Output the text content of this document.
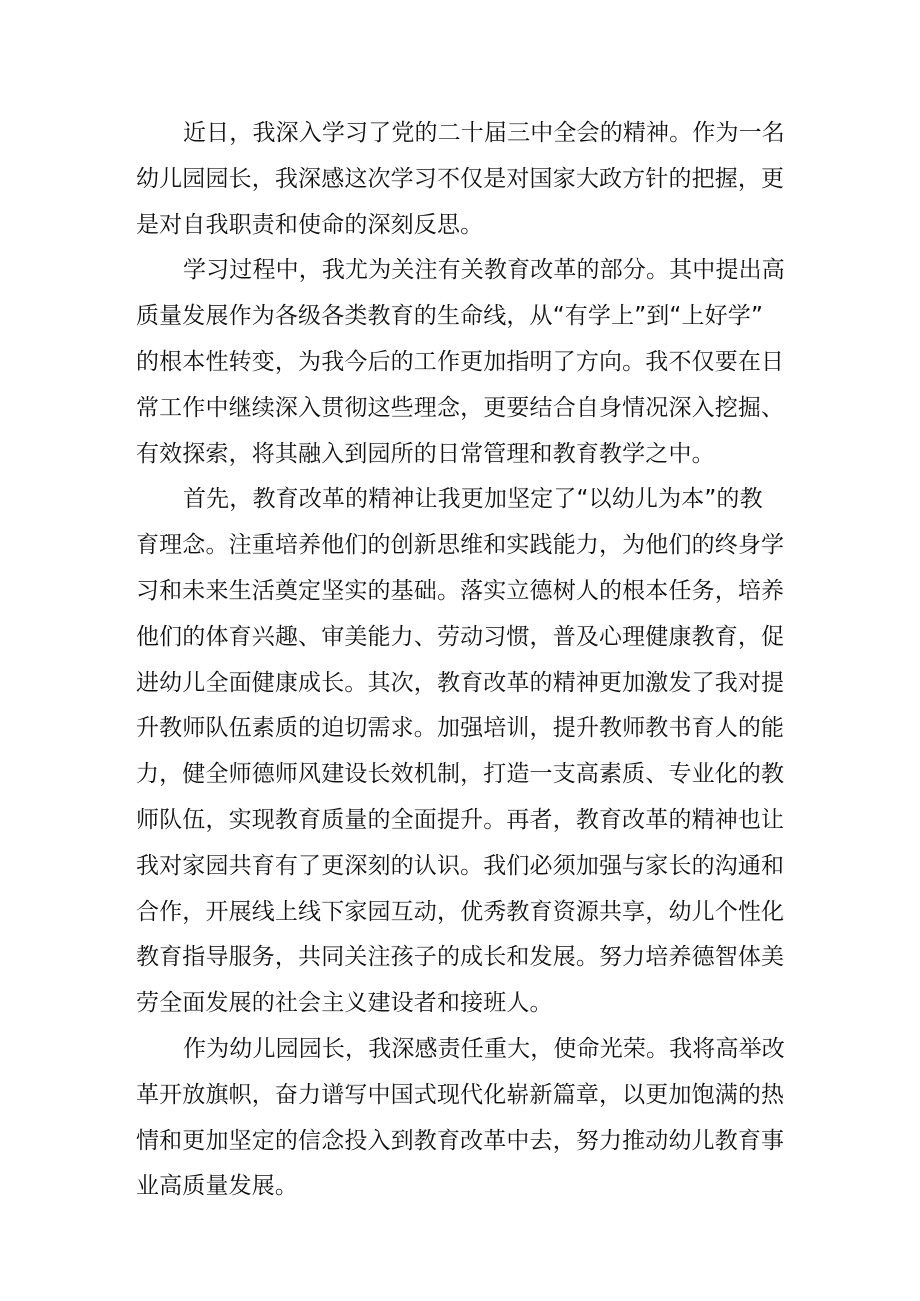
近日，我深入学习了党的二十届三中全会的精神。作为一名
幼儿园园长，我深感这次学习不仅是对国家大政方针的把握，更
是对自我职责和使命的深刻反思。

学习过程中，我尤为关注有关教育改革的部分。其中提出高
质量发展作为各级各类教育的生命线，从“有学上”到“上好学”
的根本性转变，为我今后的工作更加指明了方向。我不仅要在日
常工作中继续深入贯彻这些理念，更要结合自身情况深入挖掘、
有效探索，将其融入到园所的日常管理和教育教学之中。

首先，教育改革的精神让我更加坚定了“以幼儿为本”的教
育理念。注重培养他们的创新思维和实践能力，为他们的终身学
习和未来生活奠定坚实的基础。落实立德树人的根本任务，培养
他们的体育兴趣、审美能力、劳动习惯，普及心理健康教育，促
进幼儿全面健康成长。其次，教育改革的精神更加激发了我对提
升教师队伍素质的迫切需求。加强培训，提升教师教书育人的能
力，健全师德师风建设长效机制，打造一支高素质、专业化的教
师队伍，实现教育质量的全面提升。再者，教育改革的精神也让
我对家园共育有了更深刻的认识。我们必须加强与家长的沟通和
合作，开展线上线下家园互动，优秀教育资源共享，幼儿个性化
教育指导服务，共同关注孩子的成长和发展。努力培养德智体美
劳全面发展的社会主义建设者和接班人。

作为幼儿园园长，我深感责任重大，使命光荣。我将高举改
革开放旗帜，奋力谱写中国式现代化崭新篇章，以更加饱满的热
情和更加坚定的信念投入到教育改革中去，努力推动幼儿教育事
业高质量发展。
